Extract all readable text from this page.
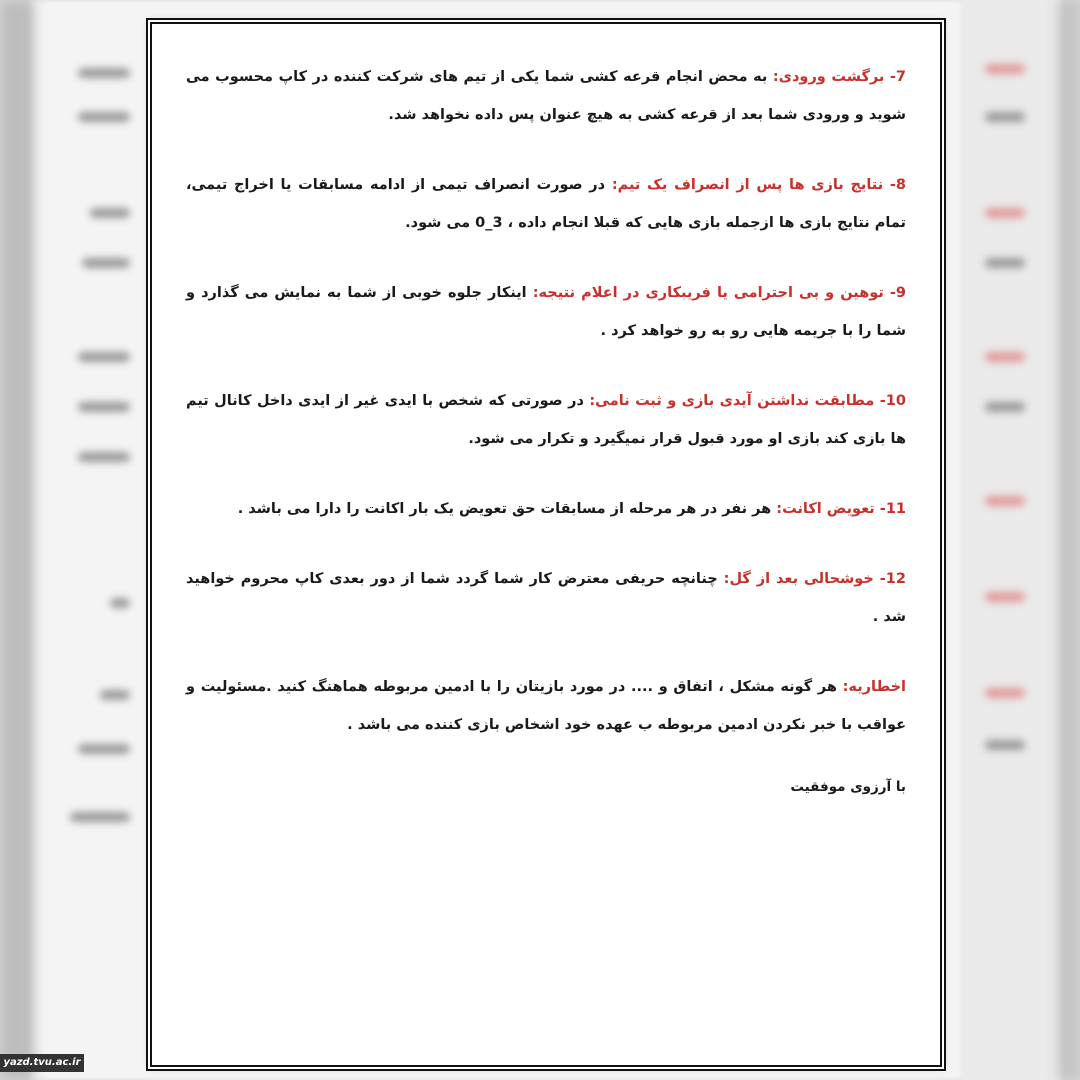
7- برگشت ورودی: به محض انجام قرعه کشی شما یکی از تیم های شرکت کننده در کاپ محسوب می شوید و ورودی شما بعد از قرعه کشی به هیچ عنوان پس داده نخواهد شد.

8- نتایج بازی ها پس از انصراف یک تیم: در صورت انصراف تیمی از ادامه مسابقات یا اخراج تیمی، تمام نتایج بازی ها ازجمله بازی هایی که قبلا انجام داده ، 3_0 می شود.

9- توهین و بی احترامی یا فریبکاری در اعلام نتیجه: اینکار جلوه خوبی از شما به نمایش می گذارد و شما را با جریمه هایی رو به رو خواهد کرد .

10- مطابقت نداشتن آیدی بازی و ثبت نامی: در صورتی که شخص با ایدی غیر از ایدی داخل کانال تیم ها بازی کند بازی او مورد قبول قرار نمیگیرد و تکرار می شود.

11- تعویض اکانت: هر نفر در هر مرحله از مسابقات حق تعویض یک بار اکانت را دارا می باشد .

12- خوشحالی بعد از گل: چنانچه حریفی معترض کار شما گردد شما از دور بعدی کاپ محروم خواهید شد .

اخطاریه: هر گونه مشکل ، اتفاق و .... در مورد بازیتان را با ادمین مربوطه هماهنگ کنید .مسئولیت و عواقب با خبر نکردن ادمین مربوطه ب عهده خود اشخاص بازی کننده می باشد .

با آرزوی موفقیت

yazd.tvu.ac.ir
